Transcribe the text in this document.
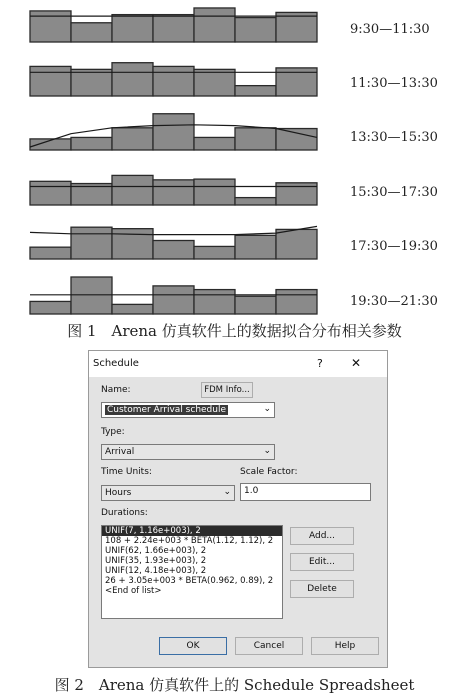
9:30—11:30
11:30—13:30
13:30—15:30
15:30—17:30
17:30—19:30
19:30—21:30
图 1　Arena 仿真软件上的数据拟合分布相关参数
Schedule	? ✕
Name:	FDM Info...
Customer Arrival schedule	⌄
Type:
Arrival	⌄
Time Units:	Scale Factor:
Hours	⌄	1.0
Durations:
UNIF(7, 1.16e+003), 2
108 + 2.24e+003 * BETA(1.12, 1.12), 2
UNIF(62, 1.66e+003), 2
UNIF(35, 1.93e+003), 2
UNIF(12, 4.18e+003), 2
26 + 3.05e+003 * BETA(0.962, 0.89), 2
<End of list>
Add...
Edit...
Delete
OK	Cancel	Help
图 2　Arena 仿真软件上的 Schedule Spreadsheet
